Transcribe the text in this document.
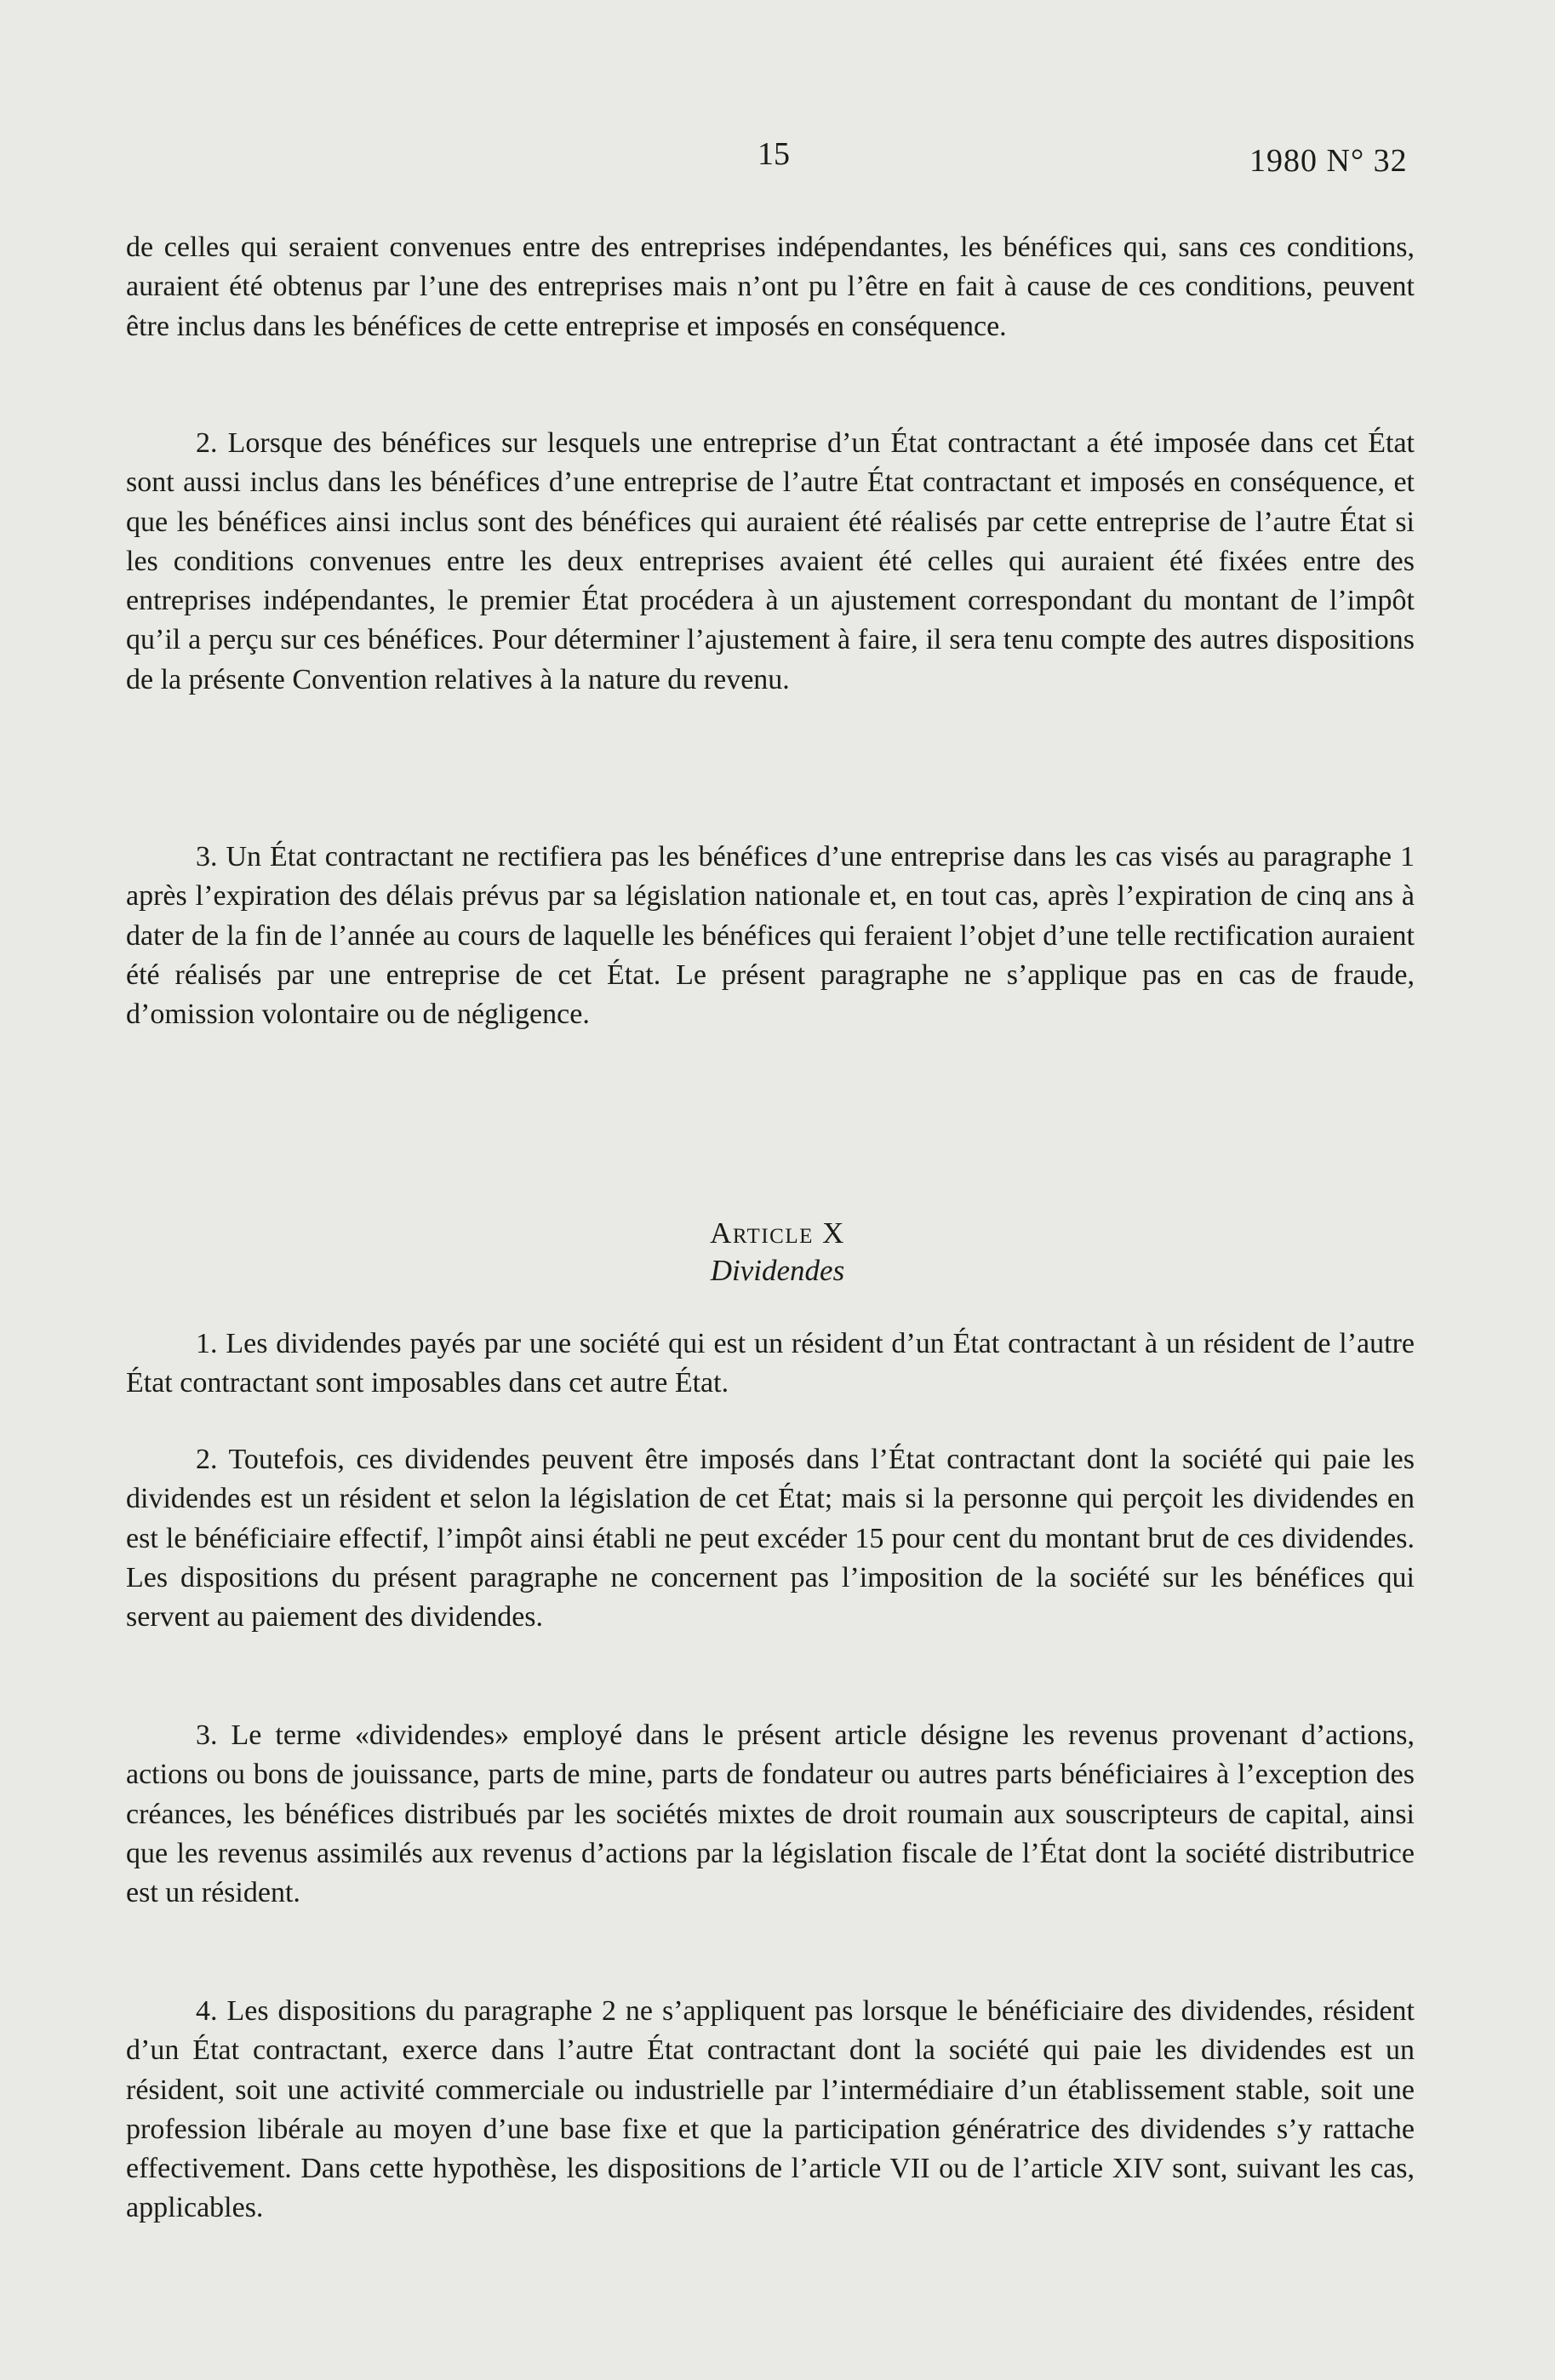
15	1980 N° 32
de celles qui seraient convenues entre des entreprises indépendantes, les bénéfices qui, sans ces conditions, auraient été obtenus par l’une des entreprises mais n’ont pu l’être en fait à cause de ces conditions, peuvent être inclus dans les bénéfices de cette entreprise et imposés en conséquence.
2. Lorsque des bénéfices sur lesquels une entreprise d’un État contractant a été imposée dans cet État sont aussi inclus dans les bénéfices d’une entreprise de l’autre État contractant et imposés en conséquence, et que les bénéfices ainsi inclus sont des bénéfices qui auraient été réalisés par cette entreprise de l’autre État si les conditions convenues entre les deux entreprises avaient été celles qui auraient été fixées entre des entreprises indépendantes, le premier État procédera à un ajustement correspondant du montant de l’impôt qu’il a perçu sur ces bénéfices. Pour déterminer l’ajustement à faire, il sera tenu compte des autres dispositions de la présente Convention relatives à la nature du revenu.
3. Un État contractant ne rectifiera pas les bénéfices d’une entreprise dans les cas visés au paragraphe 1 après l’expiration des délais prévus par sa législation nationale et, en tout cas, après l’expiration de cinq ans à dater de la fin de l’année au cours de laquelle les bénéfices qui feraient l’objet d’une telle rectification auraient été réalisés par une entreprise de cet État. Le présent paragraphe ne s’applique pas en cas de fraude, d’omission volontaire ou de négligence.
Article X
Dividendes
1. Les dividendes payés par une société qui est un résident d’un État contractant à un résident de l’autre État contractant sont imposables dans cet autre État.
2. Toutefois, ces dividendes peuvent être imposés dans l’État contractant dont la société qui paie les dividendes est un résident et selon la législation de cet État; mais si la personne qui perçoit les dividendes en est le bénéficiaire effectif, l’impôt ainsi établi ne peut excéder 15 pour cent du montant brut de ces dividendes. Les dispositions du présent paragraphe ne concernent pas l’imposition de la société sur les bénéfices qui servent au paiement des dividendes.
3. Le terme «dividendes» employé dans le présent article désigne les revenus provenant d’actions, actions ou bons de jouissance, parts de mine, parts de fondateur ou autres parts bénéficiaires à l’exception des créances, les bénéfices distribués par les sociétés mixtes de droit roumain aux souscripteurs de capital, ainsi que les revenus assimilés aux revenus d’actions par la législation fiscale de l’État dont la société distributrice est un résident.
4. Les dispositions du paragraphe 2 ne s’appliquent pas lorsque le bénéficiaire des dividendes, résident d’un État contractant, exerce dans l’autre État contractant dont la société qui paie les dividendes est un résident, soit une activité commerciale ou industrielle par l’intermédiaire d’un établissement stable, soit une profession libérale au moyen d’une base fixe et que la participation génératrice des dividendes s’y rattache effectivement. Dans cette hypothèse, les dispositions de l’article VII ou de l’article XIV sont, suivant les cas, applicables.
